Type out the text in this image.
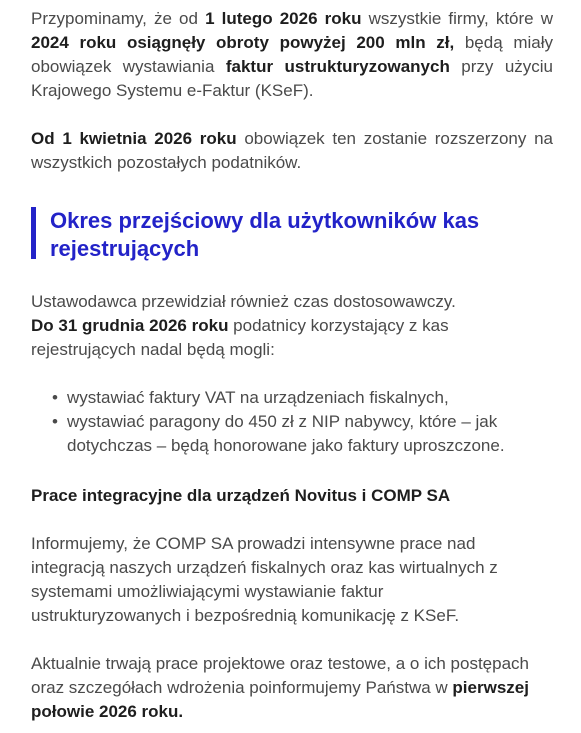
Przypominamy, że od 1 lutego 2026 roku wszystkie firmy, które w 2024 roku osiągnęły obroty powyżej 200 mln zł, będą miały obowiązek wystawiania faktur ustrukturyzowanych przy użyciu Krajowego Systemu e-Faktur (KSeF).

Od 1 kwietnia 2026 roku obowiązek ten zostanie rozszerzony na wszystkich pozostałych podatników.

Okres przejściowy dla użytkowników kas rejestrujących

Ustawodawca przewidział również czas dostosowawczy.
Do 31 grudnia 2026 roku podatnicy korzystający z kas rejestrujących nadal będą mogli:

• wystawiać faktury VAT na urządzeniach fiskalnych,
• wystawiać paragony do 450 zł z NIP nabywcy, które – jak dotychczas – będą honorowane jako faktury uproszczone.
Prace integracyjne dla urządzeń Novitus i COMP SA

Informujemy, że COMP SA prowadzi intensywne prace nad integracją naszych urządzeń fiskalnych oraz kas wirtualnych z systemami umożliwiającymi wystawianie faktur ustrukturyzowanych i bezpośrednią komunikację z KSeF.

Aktualnie trwają prace projektowe oraz testowe, a o ich postępach oraz szczegółach wdrożenia poinformujemy Państwa w pierwszej połowie 2026 roku.
